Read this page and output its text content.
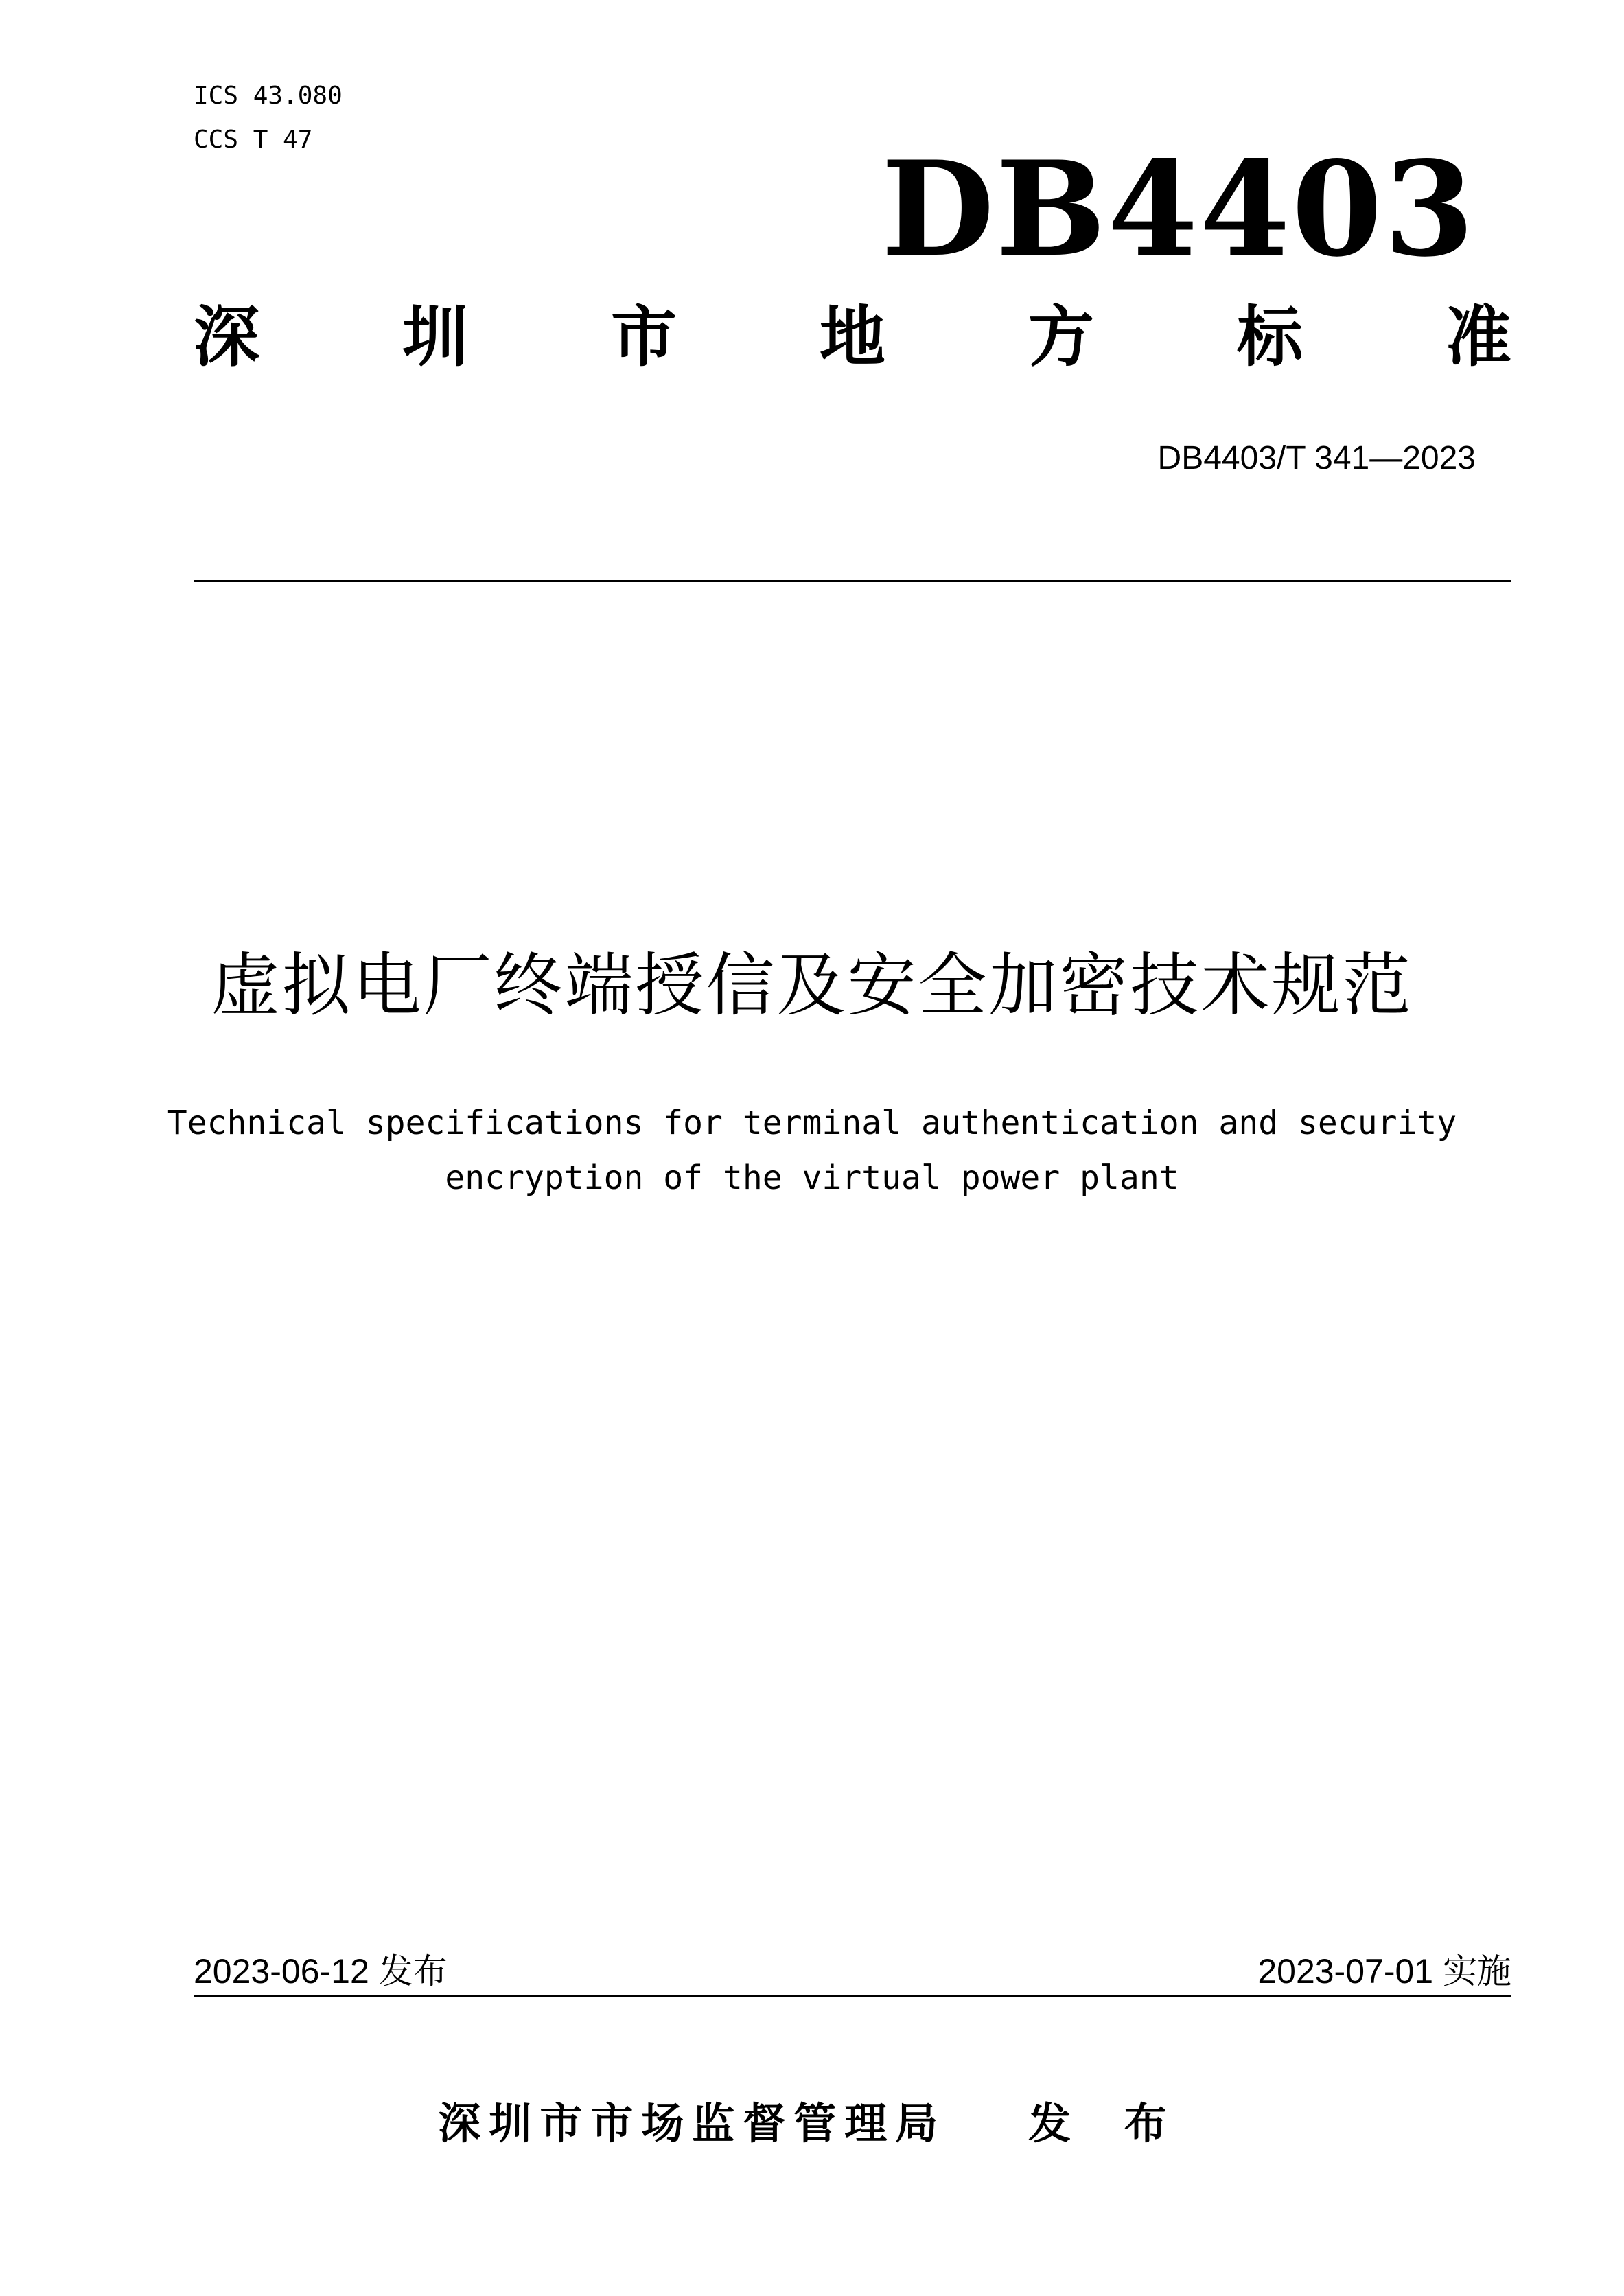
ICS 43.080
CCS T 47	DB4403
深 圳 市 地 方 标 准
DB4403/T 341—2023
虚拟电厂终端授信及安全加密技术规范
Technical specifications for terminal authentication and security
encryption of the virtual power plant
2023-06-12 发布	2023-07-01 实施
深圳市市场监督管理局 发 布
